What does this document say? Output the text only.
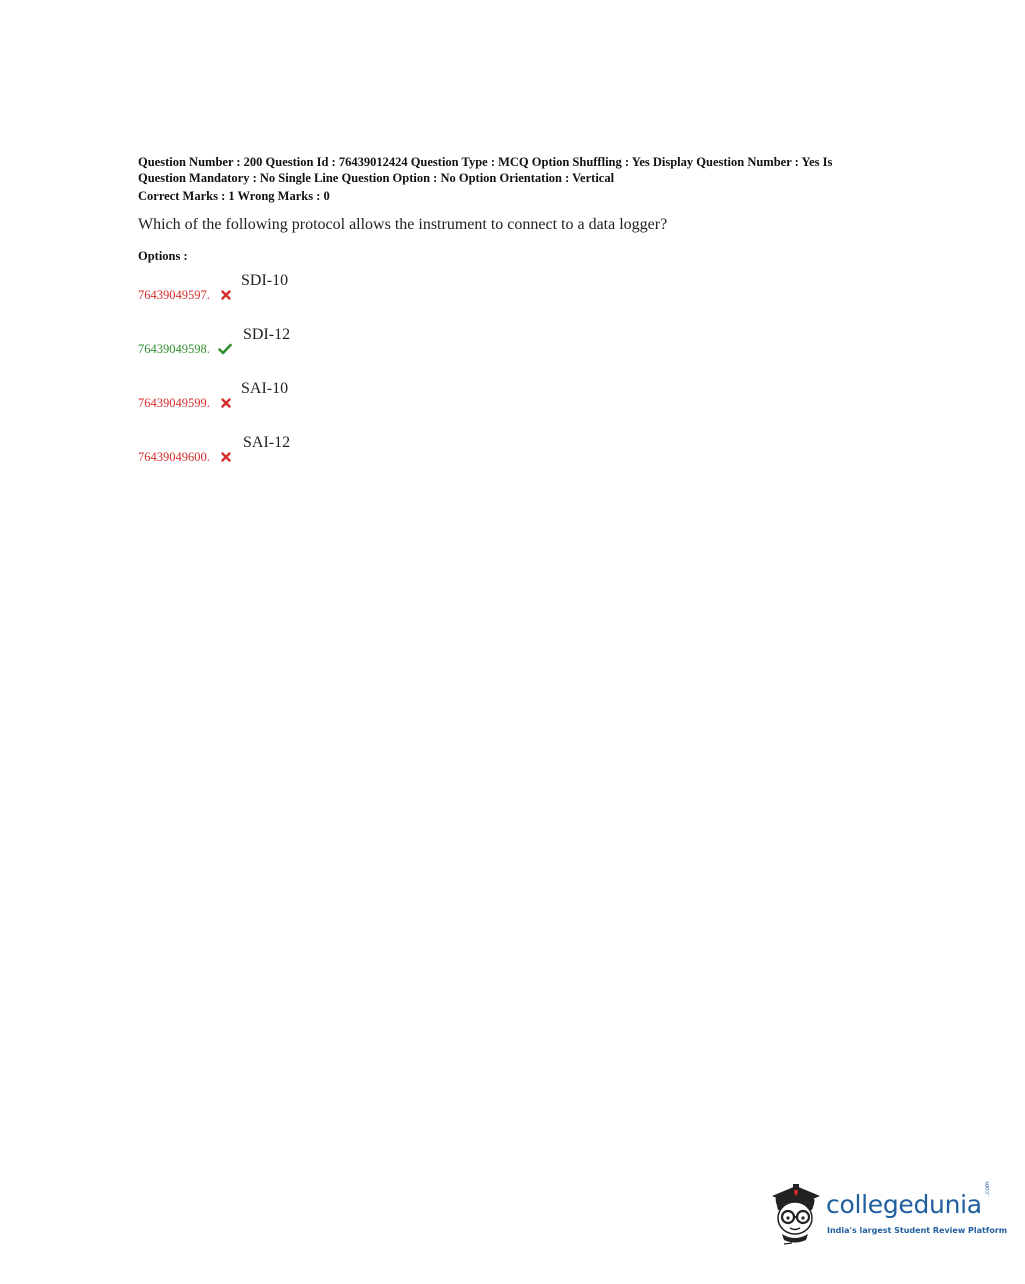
Question Number : 200 Question Id : 76439012424 Question Type : MCQ Option Shuffling : Yes Display Question Number : Yes Is
Question Mandatory : No Single Line Question Option : No Option Orientation : Vertical
Correct Marks : 1 Wrong Marks : 0
Which of the following protocol allows the instrument to connect to a data logger?
Options :
76439049597.
SDI-10
76439049598.
SDI-12
76439049599.
SAI-10
76439049600.
SAI-12
collegedunia
.com
India's largest Student Review Platform
